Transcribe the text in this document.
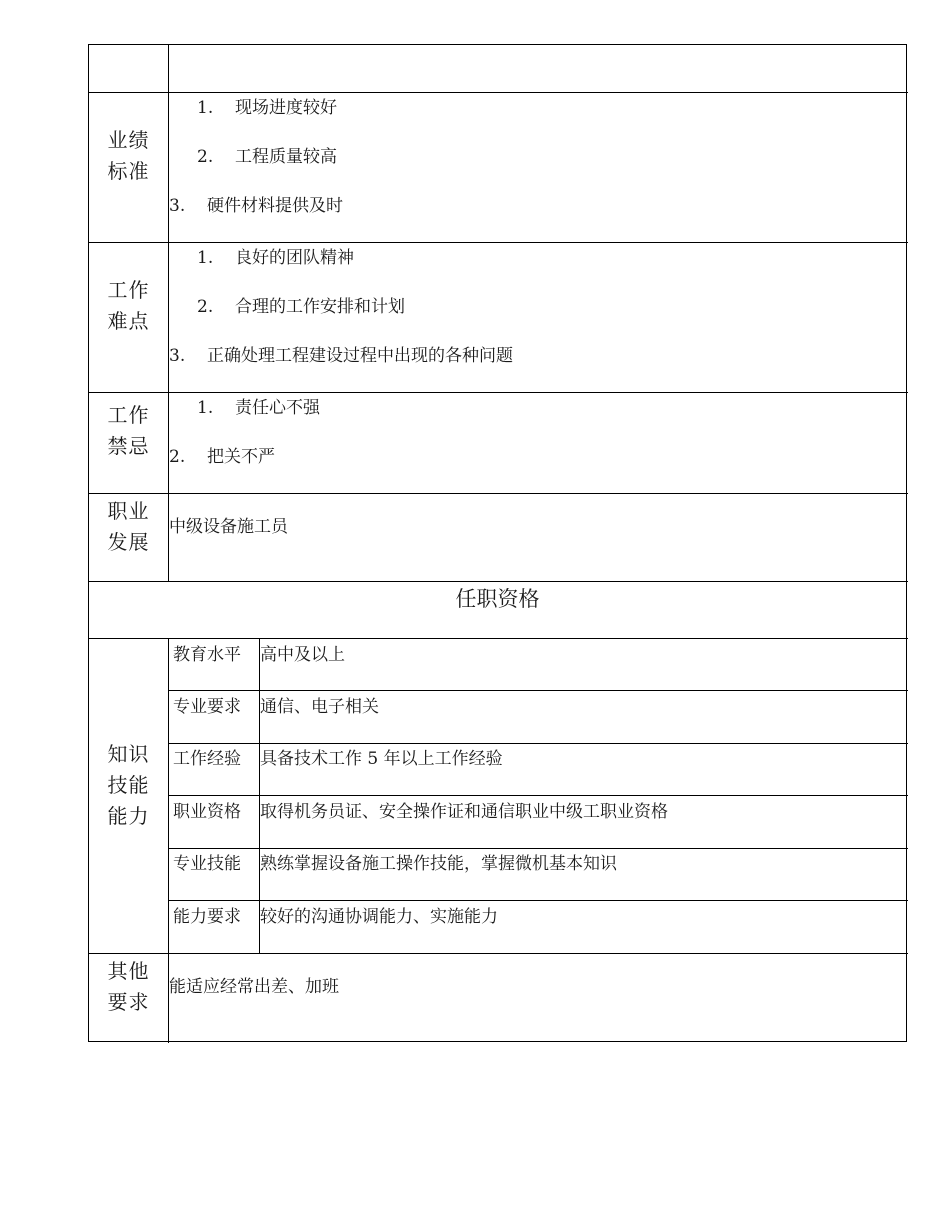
业绩
标准
1. 现场进度较好
2. 工程质量较高
3. 硬件材料提供及时
工作
难点
1. 良好的团队精神
2. 合理的工作安排和计划
3. 正确处理工程建设过程中出现的各种问题
工作
禁忌
1. 责任心不强
2. 把关不严
职业
发展
中级设备施工员
任职资格
知识
技能
能力
教育水平 高中及以上
专业要求 通信、电子相关
工作经验 具备技术工作 5 年以上工作经验
职业资格 取得机务员证、安全操作证和通信职业中级工职业资格
专业技能 熟练掌握设备施工操作技能，掌握微机基本知识
能力要求 较好的沟通协调能力、实施能力
其他
要求
能适应经常出差、加班
